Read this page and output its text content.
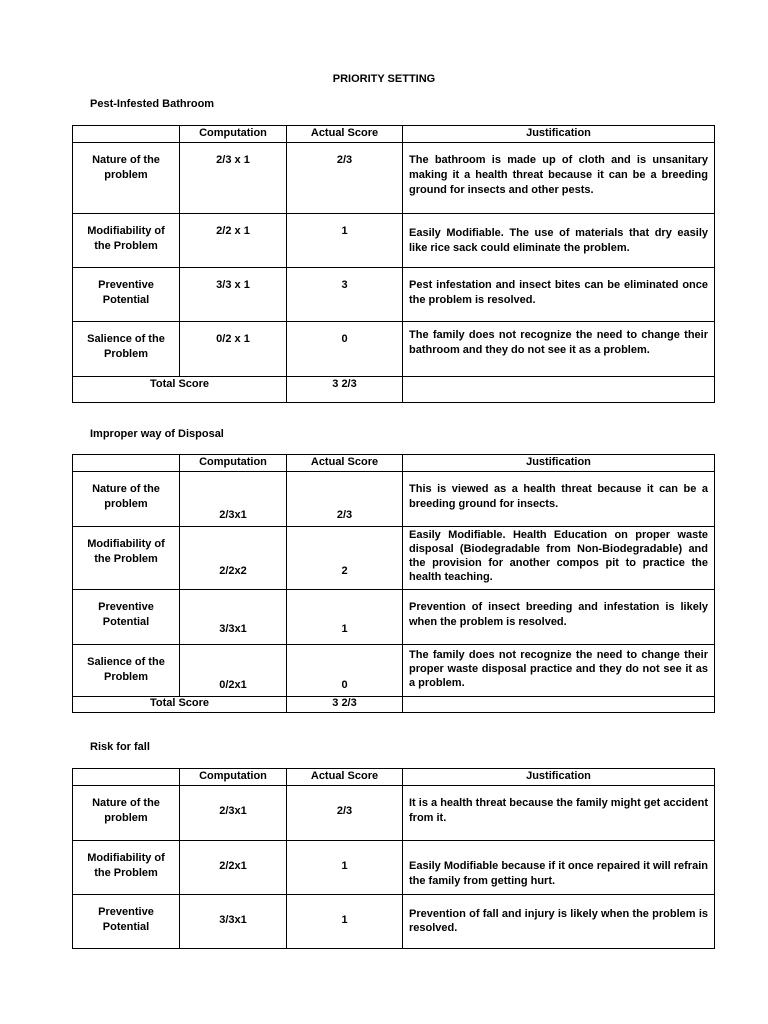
PRIORITY SETTING
Pest-Infested Bathroom
	Computation	Actual Score	Justification
Nature of the problem	2/3 x 1	2/3	The bathroom is made up of cloth and is unsanitary making it a health threat because it can be a breeding ground for insects and other pests.
Modifiability of the Problem	2/2 x 1	1	Easily Modifiable. The use of materials that dry easily like rice sack could eliminate the problem.
Preventive Potential	3/3 x 1	3	Pest infestation and insect bites can be eliminated once the problem is resolved.
Salience of the Problem	0/2 x 1	0	The family does not recognize the need to change their bathroom and they do not see it as a problem.
Total Score		3 2/3	
Improper way of Disposal
	Computation	Actual Score	Justification
Nature of the problem	2/3x1	2/3	This is viewed as a health threat because it can be a breeding ground for insects.
Modifiability of the Problem	2/2x2	2	Easily Modifiable. Health Education on proper waste disposal (Biodegradable from Non-Biodegradable) and the provision for another compos pit to practice the health teaching.
Preventive Potential	3/3x1	1	Prevention of insect breeding and infestation is likely when the problem is resolved.
Salience of the Problem	0/2x1	0	The family does not recognize the need to change their proper waste disposal practice and they do not see it as a problem.
Total Score		3 2/3	
Risk for fall
	Computation	Actual Score	Justification
Nature of the problem	2/3x1	2/3	It is a health threat because the family might get accident from it.
Modifiability of the Problem	2/2x1	1	Easily Modifiable because if it once repaired it will refrain the family from getting hurt.
Preventive Potential	3/3x1	1	Prevention of fall and injury is likely when the problem is resolved.
